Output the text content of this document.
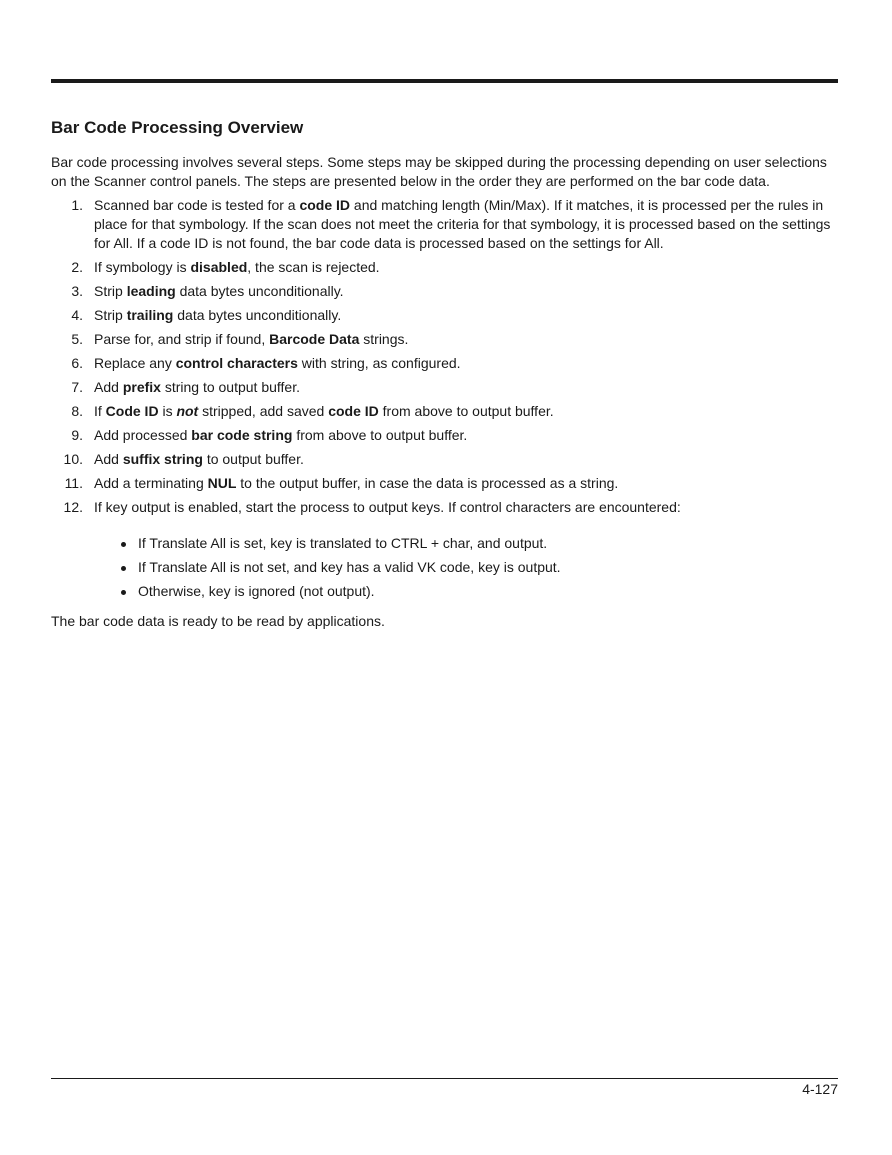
Bar Code Processing Overview

Bar code processing involves several steps. Some steps may be skipped during the processing depending on user selections on the Scanner control panels. The steps are presented below in the order they are performed on the bar code data.

1. Scanned bar code is tested for a code ID and matching length (Min/Max). If it matches, it is processed per the rules in place for that symbology. If the scan does not meet the criteria for that symbology, it is processed based on the settings for All. If a code ID is not found, the bar code data is processed based on the settings for All.
2. If symbology is disabled, the scan is rejected.
3. Strip leading data bytes unconditionally.
4. Strip trailing data bytes unconditionally.
5. Parse for, and strip if found, Barcode Data strings.
6. Replace any control characters with string, as configured.
7. Add prefix string to output buffer.
8. If Code ID is not stripped, add saved code ID from above to output buffer.
9. Add processed bar code string from above to output buffer.
10. Add suffix string to output buffer.
11. Add a terminating NUL to the output buffer, in case the data is processed as a string.
12. If key output is enabled, start the process to output keys. If control characters are encountered:
If Translate All is set, key is translated to CTRL + char, and output.
If Translate All is not set, and key has a valid VK code, key is output.
Otherwise, key is ignored (not output).

The bar code data is ready to be read by applications.

4-127
